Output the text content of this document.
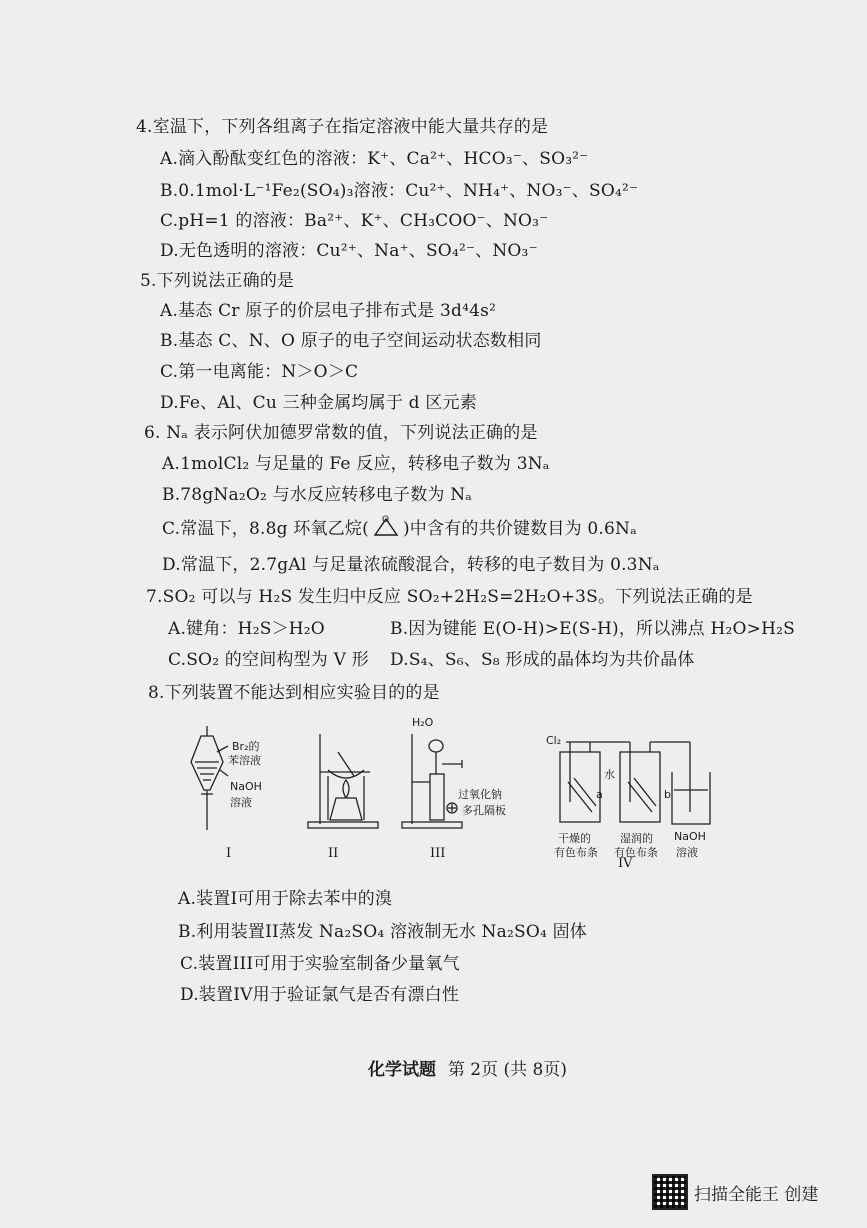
4.室温下，下列各组离子在指定溶液中能大量共存的是
A.滴入酚酞变红色的溶液：K⁺、Ca²⁺、HCO₃⁻、SO₃²⁻
B.0.1mol·L⁻¹Fe₂(SO₄)₃溶液：Cu²⁺、NH₄⁺、NO₃⁻、SO₄²⁻
C.pH=1 的溶液：Ba²⁺、K⁺、CH₃COO⁻、NO₃⁻
D.无色透明的溶液：Cu²⁺、Na⁺、SO₄²⁻、NO₃⁻
5.下列说法正确的是
A.基态 Cr 原子的价层电子排布式是 3d⁴4s²
B.基态 C、N、O 原子的电子空间运动状态数相同
C.第一电离能：N＞O＞C
D.Fe、Al、Cu 三种金属均属于 d 区元素
6. Nₐ 表示阿伏加德罗常数的值，下列说法正确的是
A.1molCl₂ 与足量的 Fe 反应，转移电子数为 3Nₐ
B.78gNa₂O₂ 与水反应转移电子数为 Nₐ
C.常温下，8.8g 环氧乙烷( O )中含有的共价键数目为 0.6Nₐ
D.常温下，2.7gAl 与足量浓硫酸混合，转移的电子数目为 0.3Nₐ
7.SO₂ 可以与 H₂S 发生归中反应 SO₂+2H₂S=2H₂O+3S。下列说法正确的是
A.键角：H₂S＞H₂O	B.因为键能 E(O-H)>E(S-H)，所以沸点 H₂O>H₂S
C.SO₂ 的空间构型为 V 形 D.S₄、S₆、S₈ 形成的晶体均为共价晶体
8.下列装置不能达到相应实验目的的是
Br₂的
苯溶液
NaOH
溶液
H₂O
过氧化钠
多孔隔板
Cl₂
水
a	b
干燥的
有色布条
湿润的
有色布条
NaOH
溶液
I	II	III
IV
A.装置I可用于除去苯中的溴
B.利用装置II蒸发 Na₂SO₄ 溶液制无水 Na₂SO₄ 固体
C.装置III可用于实验室制备少量氧气
D.装置IV用于验证氯气是否有漂白性
化学试题 第 2页 (共 8页)
扫描全能王 创建
